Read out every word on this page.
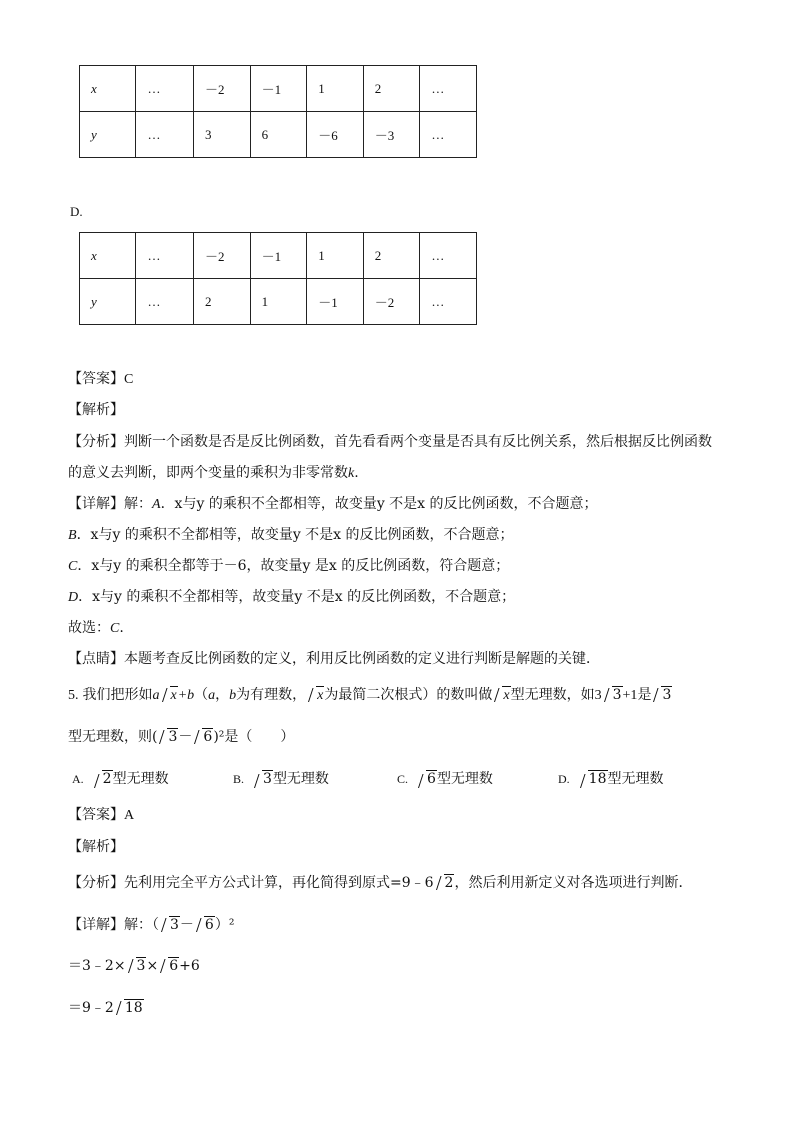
x	…	－2	－1	1	2	…
y	…	3	6	－6	－3	…
D.
x	…	－2	－1	1	2	…
y	…	2	1	－1	－2	…
【答案】C
【解析】
【分析】判断一个函数是否是反比例函数，首先看看两个变量是否具有反比例关系，然后根据反比例函数
的意义去判断，即两个变量的乘积为非零常数k.
【详解】解：A．x与y 的乘积不全都相等，故变量y 不是x 的反比例函数，不合题意；
B．x与y 的乘积不全都相等，故变量y 不是x 的反比例函数，不合题意；
C．x与y 的乘积全都等于－6，故变量y 是x 的反比例函数，符合题意；
D．x与y 的乘积不全都相等，故变量y 不是x 的反比例函数，不合题意；
故选：C.
【点睛】本题考查反比例函数的定义，利用反比例函数的定义进行判断是解题的关键．
5. 我们把形如a x+b（a，b为有理数， x为最简二次根式）的数叫做 x型无理数，如3 3+1是 3
型无理数，则( 3－ 6)²是（　　）
A. 2型无理数	B. 3型无理数	C. 6型无理数	D. 18型无理数
【答案】A
【解析】
【分析】先利用完全平方公式计算，再化简得到原式=9﹣6 2，然后利用新定义对各选项进行判断．
【详解】解：（ 3－ 6）²
＝3﹣2× 3× 6+6
＝9﹣2 18
